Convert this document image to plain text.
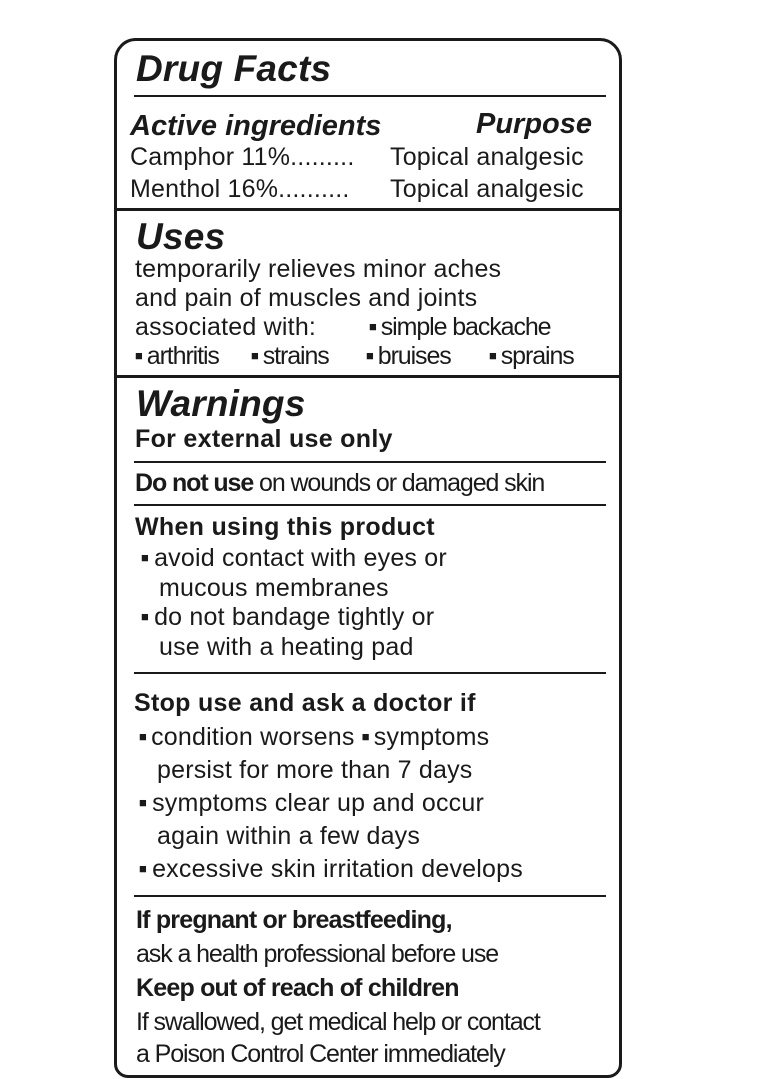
Drug Facts
Active ingredients	Purpose
Camphor 11%......... Topical analgesic
Menthol 16%.......... Topical analgesic
Uses
temporarily relieves minor aches
and pain of muscles and joints
associated with:	■ simple backache
■ arthritis	■ strains	■ bruises	■ sprains
Warnings
For external use only
Do not use on wounds or damaged skin
When using this product
■ avoid contact with eyes or
mucous membranes
■ do not bandage tightly or
use with a heating pad
Stop use and ask a doctor if
■ condition worsens ■ symptoms
persist for more than 7 days
■ symptoms clear up and occur
again within a few days
■ excessive skin irritation develops
If pregnant or breastfeeding,
ask a health professional before use
Keep out of reach of children
If swallowed, get medical help or contact
a Poison Control Center immediately
